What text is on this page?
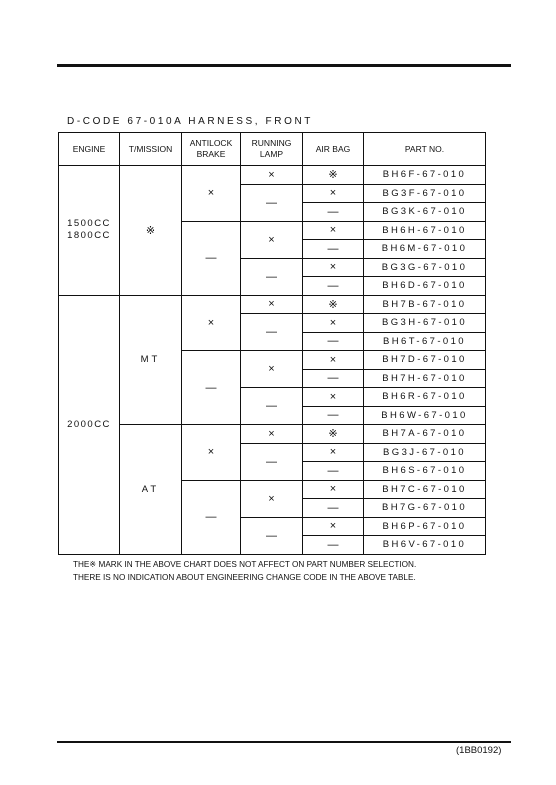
D-CODE 67-010A HARNESS, FRONT
ENGINE	T/MISSION	ANTILOCK
BRAKE	RUNNING
LAMP	AIR BAG	PART NO.
1500CC
1800CC	※	×	×	※	BH6F-67-010
			—	×	BG3F-67-010
				—	BG3K-67-010
		—	×	×	BH6H-67-010
				—	BH6M-67-010
			—	×	BG3G-67-010
				—	BH6D-67-010
2000CC	MT	×	×	※	BH7B-67-010
			—	×	BG3H-67-010
				—	BH6T-67-010
		—	×	×	BH7D-67-010
				—	BH7H-67-010
			—	×	BH6R-67-010
				—	BH6W-67-010
	AT	×	×	※	BH7A-67-010
			—	×	BG3J-67-010
				—	BH6S-67-010
		—	×	×	BH7C-67-010
				—	BH7G-67-010
			—	×	BH6P-67-010
				—	BH6V-67-010
THE※ MARK IN THE ABOVE CHART DOES NOT AFFECT ON PART NUMBER SELECTION.
THERE IS NO INDICATION ABOUT ENGINEERING CHANGE CODE IN THE ABOVE TABLE.
(1BB0192)
